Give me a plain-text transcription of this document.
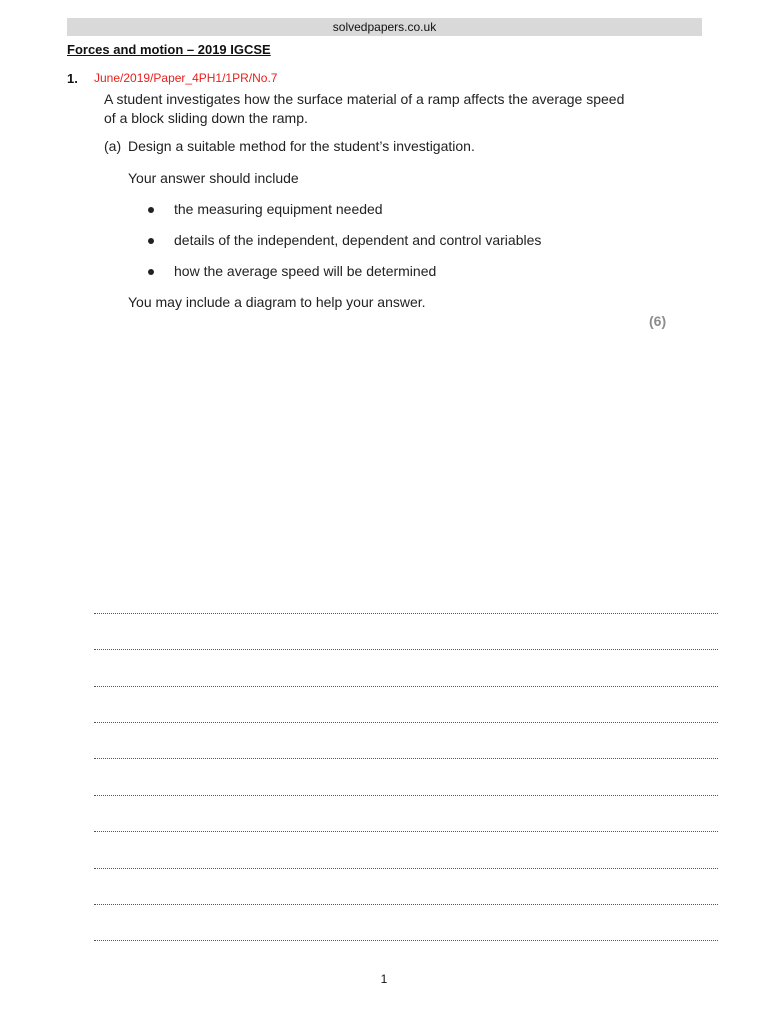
solvedpapers.co.uk
Forces and motion – 2019 IGCSE
1. June/2019/Paper_4PH1/1PR/No.7
A student investigates how the surface material of a ramp affects the average speed
of a block sliding down the ramp.
(a) Design a suitable method for the student’s investigation.
Your answer should include
the measuring equipment needed
details of the independent, dependent and control variables
how the average speed will be determined
You may include a diagram to help your answer.
(6)
1
